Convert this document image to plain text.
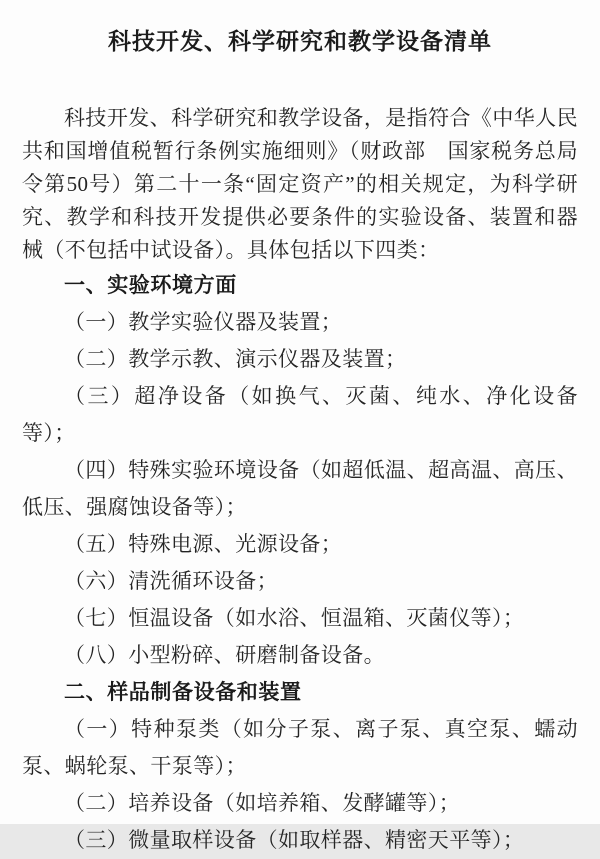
科技开发、科学研究和教学设备清单

科技开发、科学研究和教学设备，是指符合《中华人民共和国增值税暂行条例实施细则》（财政部　国家税务总局令第50号）第二十一条“固定资产”的相关规定，为科学研究、教学和科技开发提供必要条件的实验设备、装置和器械（不包括中试设备）。具体包括以下四类：

一、实验环境方面

（一）教学实验仪器及装置；

（二）教学示教、演示仪器及装置；

（三）超净设备（如换气、灭菌、纯水、净化设备等）；

（四）特殊实验环境设备（如超低温、超高温、高压、低压、强腐蚀设备等）；

（五）特殊电源、光源设备；

（六）清洗循环设备；

（七）恒温设备（如水浴、恒温箱、灭菌仪等）；

（八）小型粉碎、研磨制备设备。

二、样品制备设备和装置

（一）特种泵类（如分子泵、离子泵、真空泵、蠕动泵、蜗轮泵、干泵等）；

（二）培养设备（如培养箱、发酵罐等）；

（三）微量取样设备（如取样器、精密天平等）；
